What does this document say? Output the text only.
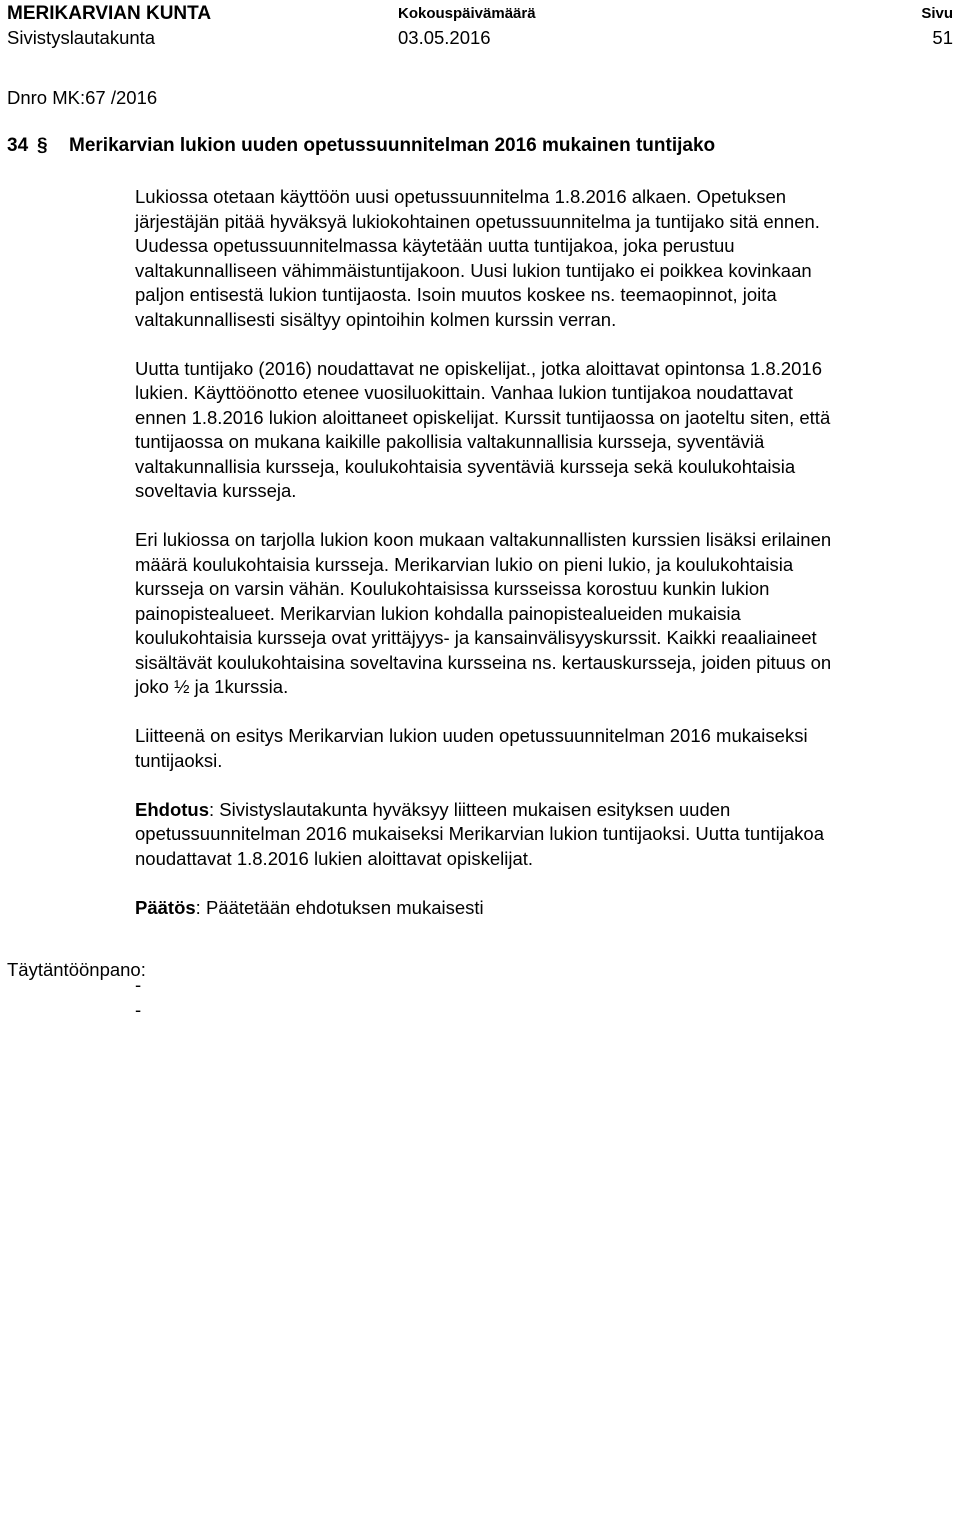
MERIKARVIAN KUNTA
Sivistyslautakunta
Kokouspäivämäärä
03.05.2016
Sivu
51
Dnro MK:67 /2016
34 § Merikarvian lukion uuden opetussuunnitelman 2016 mukainen tuntijako

Lukiossa otetaan käyttöön uusi opetussuunnitelma 1.8.2016 alkaen. Opetuksen
järjestäjän pitää hyväksyä lukiokohtainen opetussuunnitelma ja tuntijako sitä ennen.
Uudessa opetussuunnitelmassa käytetään uutta tuntijakoa, joka perustuu
valtakunnalliseen vähimmäistuntijakoon. Uusi lukion tuntijako ei poikkea kovinkaan
paljon entisestä lukion tuntijaosta. Isoin muutos koskee ns. teemaopinnot, joita
valtakunnallisesti sisältyy opintoihin kolmen kurssin verran.

Uutta tuntijako (2016) noudattavat ne opiskelijat., jotka aloittavat opintonsa 1.8.2016
lukien. Käyttöönotto etenee vuosiluokittain. Vanhaa lukion tuntijakoa noudattavat
ennen 1.8.2016 lukion aloittaneet opiskelijat. Kurssit tuntijaossa on jaoteltu siten, että
tuntijaossa on mukana kaikille pakollisia valtakunnallisia kursseja, syventäviä
valtakunnallisia kursseja, koulukohtaisia syventäviä kursseja sekä koulukohtaisia
soveltavia kursseja.

Eri lukiossa on tarjolla lukion koon mukaan valtakunnallisten kurssien lisäksi erilainen
määrä koulukohtaisia kursseja. Merikarvian lukio on pieni lukio, ja koulukohtaisia
kursseja on varsin vähän. Koulukohtaisissa kursseissa korostuu kunkin lukion
painopistealueet. Merikarvian lukion kohdalla painopistealueiden mukaisia
koulukohtaisia kursseja ovat yrittäjyys- ja kansainvälisyyskurssit. Kaikki reaaliaineet
sisältävät koulukohtaisina soveltavina kursseina ns. kertauskursseja, joiden pituus on
joko ½ ja 1kurssia.

Liitteenä on esitys Merikarvian lukion uuden opetussuunnitelman 2016 mukaiseksi
tuntijaoksi.

Ehdotus: Sivistyslautakunta hyväksyy liitteen mukaisen esityksen uuden
opetussuunnitelman 2016 mukaiseksi Merikarvian lukion tuntijaoksi. Uutta tuntijakoa
noudattavat 1.8.2016 lukien aloittavat opiskelijat.

Päätös: Päätetään ehdotuksen mukaisesti

Täytäntöönpano:
-
-
